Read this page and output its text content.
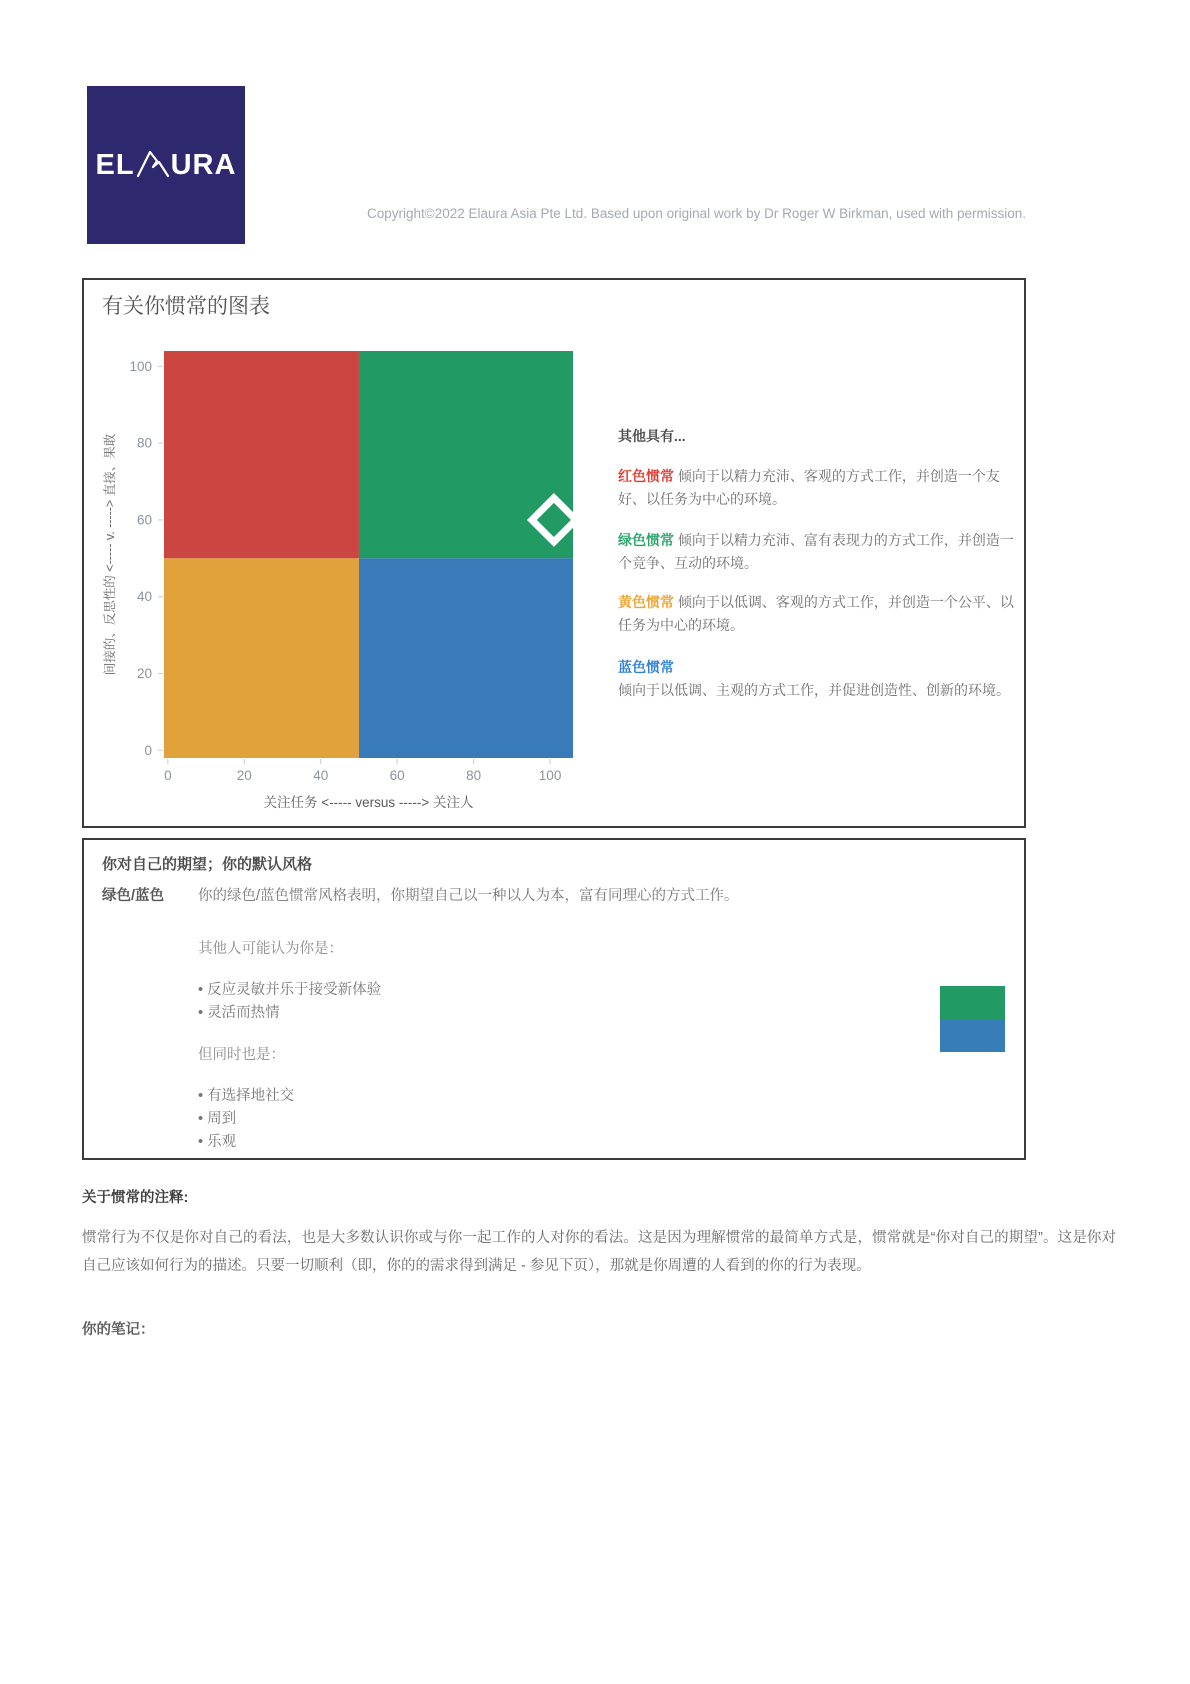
EL URA
Copyright©2022 Elaura Asia Pte Ltd. Based upon original work by Dr Roger W Birkman, used with permission.
有关你惯常的图表
0	20	40	60	80	100
0
20
40
60
80
100
关注任务 <----- versus -----> 关注人
间接的、反思性的 <----- v. -----> 直接、果敢	其他具有...
红色惯常 倾向于以精力充沛、客观的方式工作，并创造一个友好、以任务为中心的环境。
绿色惯常 倾向于以精力充沛、富有表现力的方式工作，并创造一个竞争、互动的环境。
黄色惯常 倾向于以低调、客观的方式工作，并创造一个公平、以任务为中心的环境。
蓝色惯常
倾向于以低调、主观的方式工作，并促进创造性、创新的环境。
你对自己的期望；你的默认风格
绿色/蓝色 你的绿色/蓝色惯常风格表明，你期望自己以一种以人为本，富有同理心的方式工作。
其他人可能认为你是：
• 反应灵敏并乐于接受新体验
• 灵活而热情
但同时也是：
• 有选择地社交
• 周到
• 乐观
关于惯常的注释:
惯常行为不仅是你对自己的看法，也是大多数认识你或与你一起工作的人对你的看法。这是因为理解惯常的最简单方式是，惯常就是“你对自己的期望”。这是你对自己应该如何行为的描述。只要一切顺利（即，你的的需求得到满足 - 参见下页），那就是你周遭的人看到的你的行为表现。
你的笔记：
